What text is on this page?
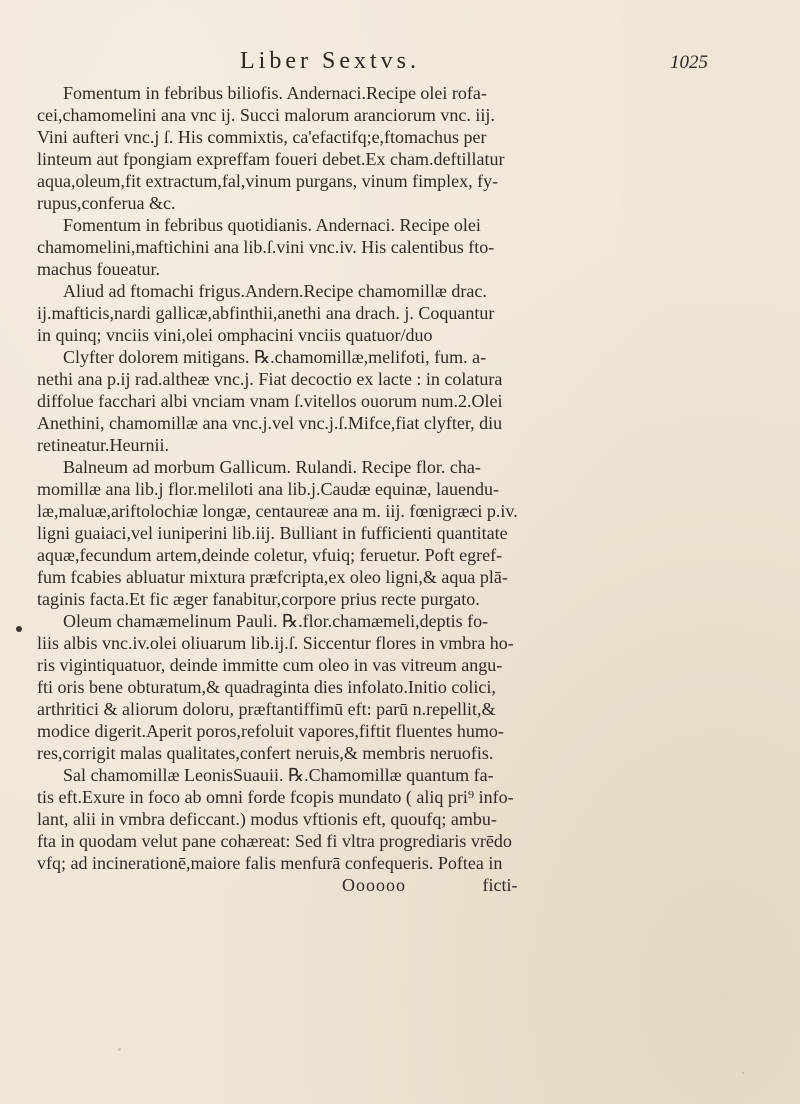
Liber Sextvs.	1025
Fomentum in febribus biliofis. Andernaci.Recipe olei rofa-
cei,chamomelini ana vnc ij. Succi malorum aranciorum vnc. iij.
Vini aufteri vnc.j ſ. His commixtis, ca'efactifq;e,ftomachus per
linteum aut fpongiam expreffam foueri debet.Ex cham.deftillatur
aqua,oleum,fit extractum,fal,vinum purgans, vinum fimplex, fy-
rupus,conferua &c.
Fomentum in febribus quotidianis. Andernaci. Recipe olei
chamomelini,maftichini ana lib.ſ.vini vnc.iv. His calentibus fto-
machus foueatur.
Aliud ad ftomachi frigus.Andern.Recipe chamomillæ drac.
ij.mafticis,nardi gallicæ,abfinthii,anethi ana drach. j. Coquantur
in quinq; vnciis vini,olei omphacini vnciis quatuor/duo
Clyfter dolorem mitigans. ℞.chamomillæ,melifoti, fum. a-
nethi ana p.ij rad.altheæ vnc.j. Fiat decoctio ex lacte : in colatura
diffolue facchari albi vnciam vnam ſ.vitellos ouorum num.2.Olei
Anethini, chamomillæ ana vnc.j.vel vnc.j.ſ.Mifce,fiat clyfter, diu
retineatur.Heurnii.
Balneum ad morbum Gallicum. Rulandi. Recipe flor. cha-
momillæ ana lib.j flor.meliloti ana lib.j.Caudæ equinæ, lauendu-
læ,maluæ,ariftolochiæ longæ, centaureæ ana m. iij. fœnigræci p.iv.
ligni guaiaci,vel iuniperini lib.iij. Bulliant in fufficienti quantitate
aquæ,fecundum artem,deinde coletur, vfuiq; feruetur. Poft egref-
fum fcabies abluatur mixtura præfcripta,ex oleo ligni,& aqua plā-
taginis facta.Et fic æger fanabitur,corpore prius recte purgato.
Oleum chamæmelinum Pauli. ℞.flor.chamæmeli,deptis fo-
liis albis vnc.iv.olei oliuarum lib.ij.ſ. Siccentur flores in vmbra ho-
ris vigintiquatuor, deinde immitte cum oleo in vas vitreum angu-
fti oris bene obturatum,& quadraginta dies infolato.Initio colici,
arthritici & aliorum doloru, præftantiffimū eft: parū n.repellit,&
modice digerit.Aperit poros,refoluit vapores,fiftit fluentes humo-
res,corrigit malas qualitates,confert neruis,& membris neruofis.
Sal chamomillæ LeonisSuauii. ℞.Chamomillæ quantum fa-
tis eft.Exure in foco ab omni forde fcopis mundato ( aliq pri⁹ info-
lant, alii in vmbra deficcant.) modus vftionis eft, quoufq; ambu-
fta in quodam velut pane cohæreat: Sed fi vltra progrediaris vrēdo
vfq; ad incinerationē,maiore falis menfurā confequeris. Poftea in
Oooooo	ficti-
